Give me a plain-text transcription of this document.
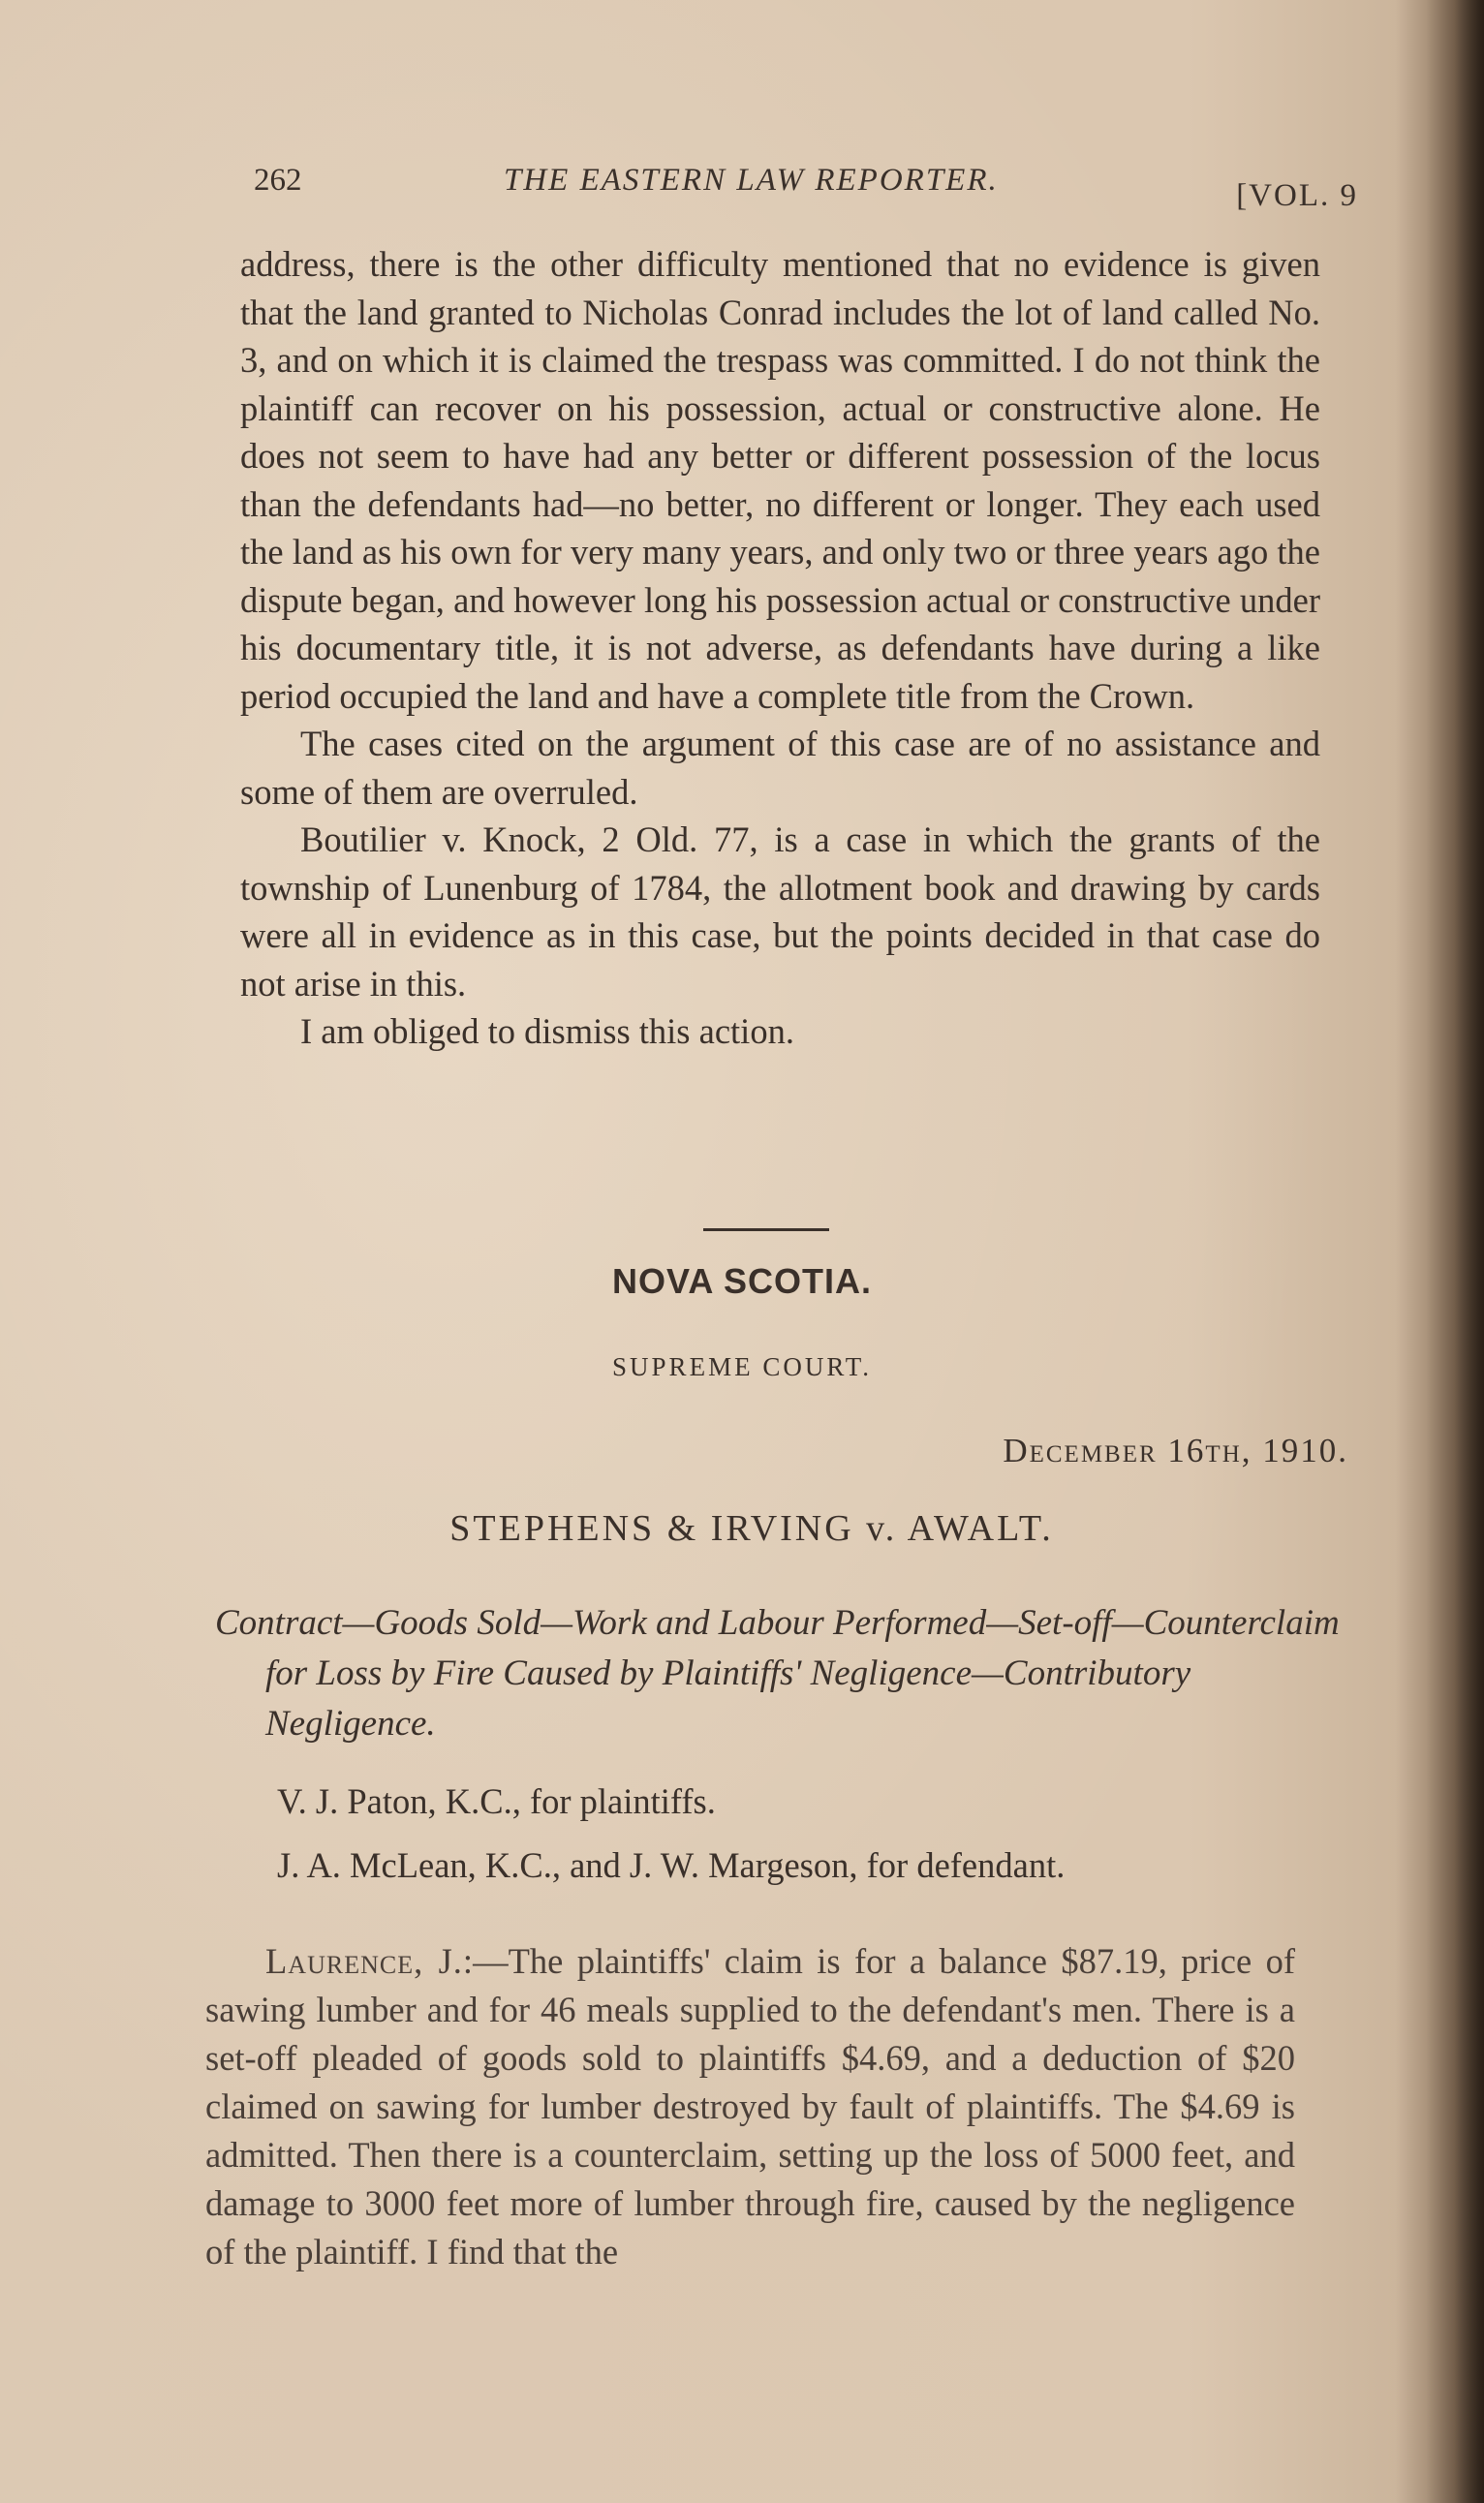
262	THE EASTERN LAW REPORTER.	[VOL. 9

address, there is the other difficulty mentioned that no evidence is given that the land granted to Nicholas Conrad includes the lot of land called No. 3, and on which it is claimed the trespass was committed. I do not think the plaintiff can recover on his possession, actual or constructive alone. He does not seem to have had any better or different possession of the locus than the defendants had—no better, no different or longer. They each used the land as his own for very many years, and only two or three years ago the dispute began, and however long his possession actual or constructive under his documentary title, it is not adverse, as defendants have during a like period occupied the land and have a complete title from the Crown.

The cases cited on the argument of this case are of no assistance and some of them are overruled.

Boutilier v. Knock, 2 Old. 77, is a case in which the grants of the township of Lunenburg of 1784, the allotment book and drawing by cards were all in evidence as in this case, but the points decided in that case do not arise in this.

I am obliged to dismiss this action.

NOVA SCOTIA.
SUPREME COURT.
December 16th, 1910.
STEPHENS & IRVING v. AWALT.
Contract—Goods Sold—Work and Labour Performed—Set-off—Counterclaim for Loss by Fire Caused by Plaintiffs' Negligence—Contributory Negligence.
V. J. Paton, K.C., for plaintiffs.
J. A. McLean, K.C., and J. W. Margeson, for defendant.

Laurence, J.:—The plaintiffs' claim is for a balance $87.19, price of sawing lumber and for 46 meals supplied to the defendant's men. There is a set-off pleaded of goods sold to plaintiffs $4.69, and a deduction of $20 claimed on sawing for lumber destroyed by fault of plaintiffs. The $4.69 is admitted. Then there is a counterclaim, setting up the loss of 5000 feet, and damage to 3000 feet more of lumber through fire, caused by the negligence of the plaintiff. I find that the
